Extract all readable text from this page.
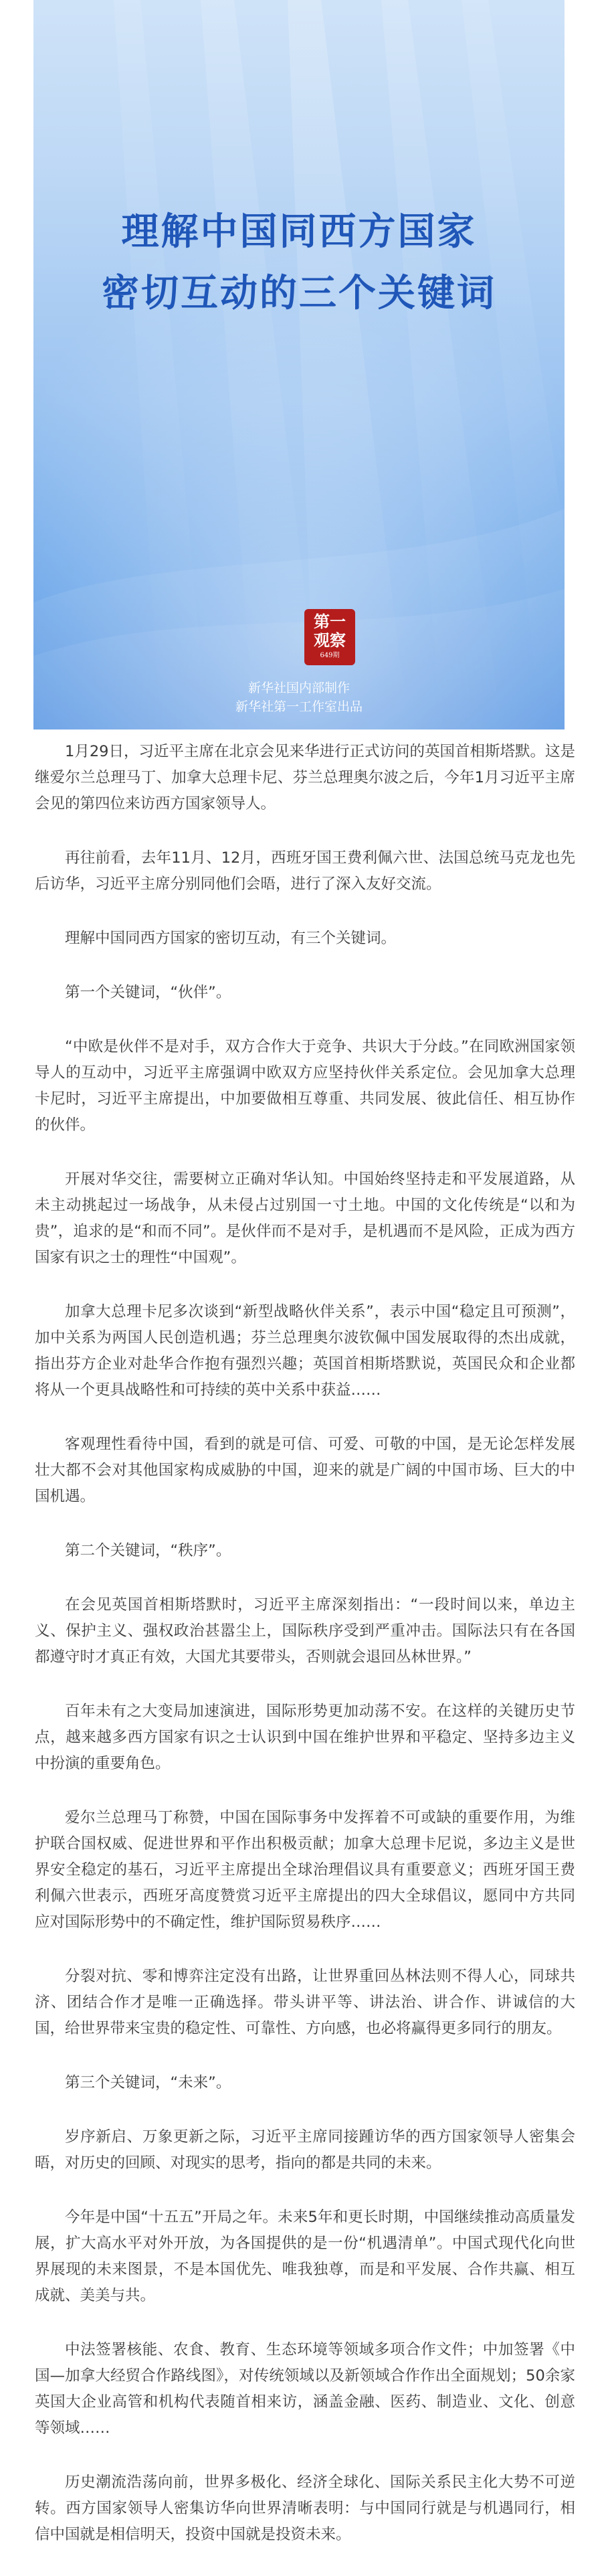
理解中国同西方国家
密切互动的三个关键词
第一
观察
649期
新华社国内部制作
新华社第一工作室出品

1月29日，习近平主席在北京会见来华进行正式访问的英国首相斯塔默。这是继爱尔兰总理马丁、加拿大总理卡尼、芬兰总理奥尔波之后，今年1月习近平主席会见的第四位来访西方国家领导人。

再往前看，去年11月、12月，西班牙国王费利佩六世、法国总统马克龙也先后访华，习近平主席分别同他们会晤，进行了深入友好交流。

理解中国同西方国家的密切互动，有三个关键词。

第一个关键词，“伙伴”。

“中欧是伙伴不是对手，双方合作大于竞争、共识大于分歧。”在同欧洲国家领导人的互动中，习近平主席强调中欧双方应坚持伙伴关系定位。会见加拿大总理卡尼时，习近平主席提出，中加要做相互尊重、共同发展、彼此信任、相互协作的伙伴。

开展对华交往，需要树立正确对华认知。中国始终坚持走和平发展道路，从未主动挑起过一场战争，从未侵占过别国一寸土地。中国的文化传统是“以和为贵”，追求的是“和而不同”。是伙伴而不是对手，是机遇而不是风险，正成为西方国家有识之士的理性“中国观”。

加拿大总理卡尼多次谈到“新型战略伙伴关系”，表示中国“稳定且可预测”，加中关系为两国人民创造机遇；芬兰总理奥尔波钦佩中国发展取得的杰出成就，指出芬方企业对赴华合作抱有强烈兴趣；英国首相斯塔默说，英国民众和企业都将从一个更具战略性和可持续的英中关系中获益……

客观理性看待中国，看到的就是可信、可爱、可敬的中国，是无论怎样发展壮大都不会对其他国家构成威胁的中国，迎来的就是广阔的中国市场、巨大的中国机遇。

第二个关键词，“秩序”。

在会见英国首相斯塔默时，习近平主席深刻指出：“一段时间以来，单边主义、保护主义、强权政治甚嚣尘上，国际秩序受到严重冲击。国际法只有在各国都遵守时才真正有效，大国尤其要带头，否则就会退回丛林世界。”

百年未有之大变局加速演进，国际形势更加动荡不安。在这样的关键历史节点，越来越多西方国家有识之士认识到中国在维护世界和平稳定、坚持多边主义中扮演的重要角色。

爱尔兰总理马丁称赞，中国在国际事务中发挥着不可或缺的重要作用，为维护联合国权威、促进世界和平作出积极贡献；加拿大总理卡尼说，多边主义是世界安全稳定的基石，习近平主席提出全球治理倡议具有重要意义；西班牙国王费利佩六世表示，西班牙高度赞赏习近平主席提出的四大全球倡议，愿同中方共同应对国际形势中的不确定性，维护国际贸易秩序……

分裂对抗、零和博弈注定没有出路，让世界重回丛林法则不得人心，同球共济、团结合作才是唯一正确选择。带头讲平等、讲法治、讲合作、讲诚信的大国，给世界带来宝贵的稳定性、可靠性、方向感，也必将赢得更多同行的朋友。

第三个关键词，“未来”。

岁序新启、万象更新之际，习近平主席同接踵访华的西方国家领导人密集会晤，对历史的回顾、对现实的思考，指向的都是共同的未来。

今年是中国“十五五”开局之年。未来5年和更长时期，中国继续推动高质量发展，扩大高水平对外开放，为各国提供的是一份“机遇清单”。中国式现代化向世界展现的未来图景，不是本国优先、唯我独尊，而是和平发展、合作共赢、相互成就、美美与共。

中法签署核能、农食、教育、生态环境等领域多项合作文件；中加签署《中国—加拿大经贸合作路线图》，对传统领域以及新领域合作作出全面规划；50余家英国大企业高管和机构代表随首相来访，涵盖金融、医药、制造业、文化、创意等领域……

历史潮流浩荡向前，世界多极化、经济全球化、国际关系民主化大势不可逆转。西方国家领导人密集访华向世界清晰表明：与中国同行就是与机遇同行，相信中国就是相信明天，投资中国就是投资未来。
